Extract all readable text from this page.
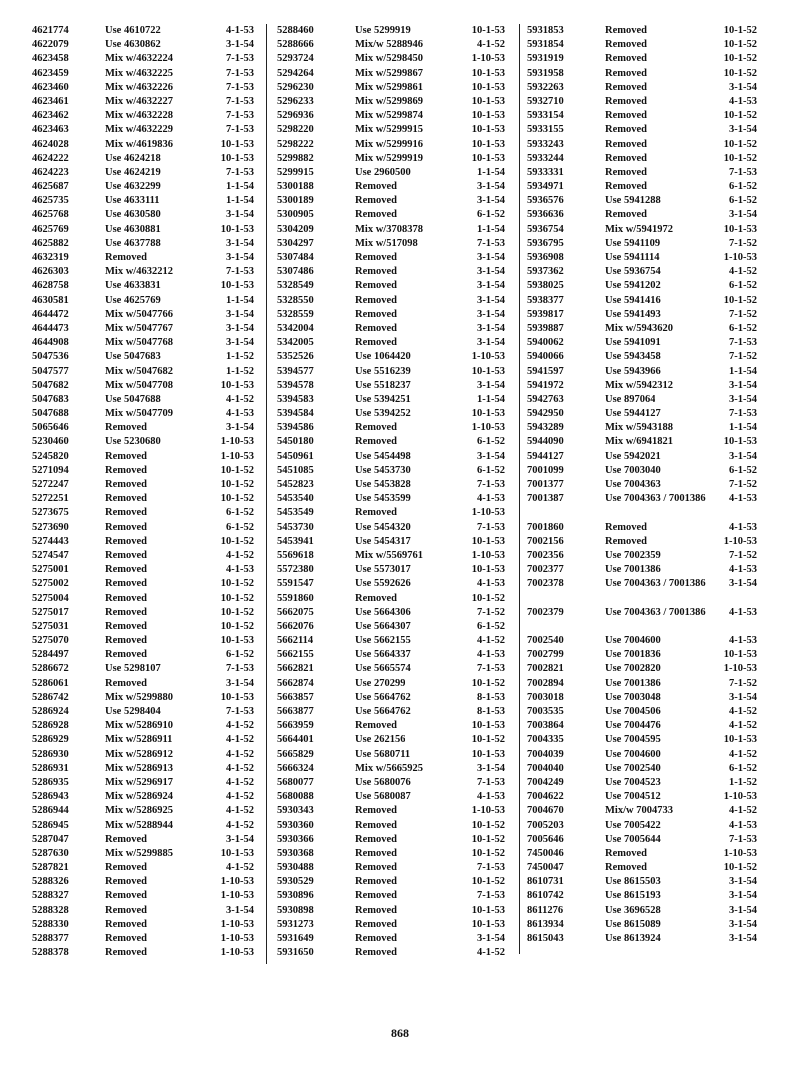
4621774	Use 4610722	4-1-53
4622079	Use 4630862	3-1-54
4623458	Mix w/4632224	7-1-53
4623459	Mix w/4632225	7-1-53
4623460	Mix w/4632226	7-1-53
4623461	Mix w/4632227	7-1-53
4623462	Mix w/4632228	7-1-53
4623463	Mix w/4632229	7-1-53
4624028	Mix w/4619836	10-1-53
4624222	Use 4624218	10-1-53
4624223	Use 4624219	7-1-53
4625687	Use 4632299	1-1-54
4625735	Use 4633111	1-1-54
4625768	Use 4630580	3-1-54
4625769	Use 4630881	10-1-53
4625882	Use 4637788	3-1-54
4632319	Removed	3-1-54
4626303	Mix w/4632212	7-1-53
4628758	Use 4633831	10-1-53
4630581	Use 4625769	1-1-54
4644472	Mix w/5047766	3-1-54
4644473	Mix w/5047767	3-1-54
4644908	Mix w/5047768	3-1-54
5047536	Use 5047683	1-1-52
5047577	Mix w/5047682	1-1-52
5047682	Mix w/5047708	10-1-53
5047683	Use 5047688	4-1-52
5047688	Mix w/5047709	4-1-53
5065646	Removed	3-1-54
5230460	Use 5230680	1-10-53
5245820	Removed	1-10-53
5271094	Removed	10-1-52
5272247	Removed	10-1-52
5272251	Removed	10-1-52
5273675	Removed	6-1-52
5273690	Removed	6-1-52
5274443	Removed	10-1-52
5274547	Removed	4-1-52
5275001	Removed	4-1-53
5275002	Removed	10-1-52
5275004	Removed	10-1-52
5275017	Removed	10-1-52
5275031	Removed	10-1-52
5275070	Removed	10-1-53
5284497	Removed	6-1-52
5286672	Use 5298107	7-1-53
5286061	Removed	3-1-54
5286742	Mix w/5299880	10-1-53
5286924	Use 5298404	7-1-53
5286928	Mix w/5286910	4-1-52
5286929	Mix w/5286911	4-1-52
5286930	Mix w/5286912	4-1-52
5286931	Mix w/5286913	4-1-52
5286935	Mix w/5296917	4-1-52
5286943	Mix w/5286924	4-1-52
5286944	Mix w/5286925	4-1-52
5286945	Mix w/5288944	4-1-52
5287047	Removed	3-1-54
5287630	Mix w/5299885	10-1-53
5287821	Removed	4-1-52
5288326	Removed	1-10-53
5288327	Removed	1-10-53
5288328	Removed	3-1-54
5288330	Removed	1-10-53
5288377	Removed	1-10-53
5288378	Removed	1-10-53
5288460	Use 5299919	10-1-53
5288666	Mix/w 5288946	4-1-52
5293724	Mix w/5298450	1-10-53
5294264	Mix w/5299867	10-1-53
5296230	Mix w/5299861	10-1-53
5296233	Mix w/5299869	10-1-53
5296936	Mix w/5299874	10-1-53
5298220	Mix w/5299915	10-1-53
5298222	Mix w/5299916	10-1-53
5299882	Mix w/5299919	10-1-53
5299915	Use 2960500	1-1-54
5300188	Removed	3-1-54
5300189	Removed	3-1-54
5300905	Removed	6-1-52
5304209	Mix w/3708378	1-1-54
5304297	Mix w/517098	7-1-53
5307484	Removed	3-1-54
5307486	Removed	3-1-54
5328549	Removed	3-1-54
5328550	Removed	3-1-54
5328559	Removed	3-1-54
5342004	Removed	3-1-54
5342005	Removed	3-1-54
5352526	Use 1064420	1-10-53
5394577	Use 5516239	10-1-53
5394578	Use 5518237	3-1-54
5394583	Use 5394251	1-1-54
5394584	Use 5394252	10-1-53
5394586	Removed	1-10-53
5450180	Removed	6-1-52
5450961	Use 5454498	3-1-54
5451085	Use 5453730	6-1-52
5452823	Use 5453828	7-1-53
5453540	Use 5453599	4-1-53
5453549	Removed	1-10-53
5453730	Use 5454320	7-1-53
5453941	Use 5454317	10-1-53
5569618	Mix w/5569761	1-10-53
5572380	Use 5573017	10-1-53
5591547	Use 5592626	4-1-53
5591860	Removed	10-1-52
5662075	Use 5664306	7-1-52
5662076	Use 5664307	6-1-52
5662114	Use 5662155	4-1-52
5662155	Use 5664337	4-1-53
5662821	Use 5665574	7-1-53
5662874	Use 270299	10-1-52
5663857	Use 5664762	8-1-53
5663877	Use 5664762	8-1-53
5663959	Removed	10-1-53
5664401	Use 262156	10-1-52
5665829	Use 5680711	10-1-53
5666324	Mix w/5665925	3-1-54
5680077	Use 5680076	7-1-53
5680088	Use 5680087	4-1-53
5930343	Removed	1-10-53
5930360	Removed	10-1-52
5930366	Removed	10-1-52
5930368	Removed	10-1-52
5930488	Removed	7-1-53
5930529	Removed	10-1-52
5930896	Removed	7-1-53
5930898	Removed	10-1-53
5931273	Removed	10-1-53
5931649	Removed	3-1-54
5931650	Removed	4-1-52
5931853	Removed	10-1-52
5931854	Removed	10-1-52
5931919	Removed	10-1-52
5931958	Removed	10-1-52
5932263	Removed	3-1-54
5932710	Removed	4-1-53
5933154	Removed	10-1-52
5933155	Removed	3-1-54
5933243	Removed	10-1-52
5933244	Removed	10-1-52
5933331	Removed	7-1-53
5934971	Removed	6-1-52
5936576	Use 5941288	6-1-52
5936636	Removed	3-1-54
5936754	Mix w/5941972	10-1-53
5936795	Use 5941109	7-1-52
5936908	Use 5941114	1-10-53
5937362	Use 5936754	4-1-52
5938025	Use 5941202	6-1-52
5938377	Use 5941416	10-1-52
5939817	Use 5941493	7-1-52
5939887	Mix w/5943620	6-1-52
5940062	Use 5941091	7-1-53
5940066	Use 5943458	7-1-52
5941597	Use 5943966	1-1-54
5941972	Mix w/5942312	3-1-54
5942763	Use 897064	3-1-54
5942950	Use 5944127	7-1-53
5943289	Mix w/5943188	1-1-54
5944090	Mix w/6941821	10-1-53
5944127	Use 5942021	3-1-54
7001099	Use 7003040	6-1-52
7001377	Use 7004363	7-1-52
7001387	Use 7004363 / 7001386 4-1-53
7001860	Removed	4-1-53
7002156	Removed	1-10-53
7002356	Use 7002359	7-1-52
7002377	Use 7001386	4-1-53
7002378	Use 7004363 / 7001386 3-1-54
7002379	Use 7004363 / 7001386 4-1-53
7002540	Use 7004600	4-1-53
7002799	Use 7001836	10-1-53
7002821	Use 7002820	1-10-53
7002894	Use 7001386	7-1-52
7003018	Use 7003048	3-1-54
7003535	Use 7004506	4-1-52
7003864	Use 7004476	4-1-52
7004335	Use 7004595	10-1-53
7004039	Use 7004600	4-1-52
7004040	Use 7002540	6-1-52
7004249	Use 7004523	1-1-52
7004622	Use 7004512	1-10-53
7004670	Mix/w 7004733	4-1-52
7005203	Use 7005422	4-1-53
7005646	Use 7005644	7-1-53
7450046	Removed	1-10-53
7450047	Removed	10-1-52
8610731	Use 8615503	3-1-54
8610742	Use 8615193	3-1-54
8611276	Use 3696528	3-1-54
8613934	Use 8615089	3-1-54
8615043	Use 8613924	3-1-54
868
